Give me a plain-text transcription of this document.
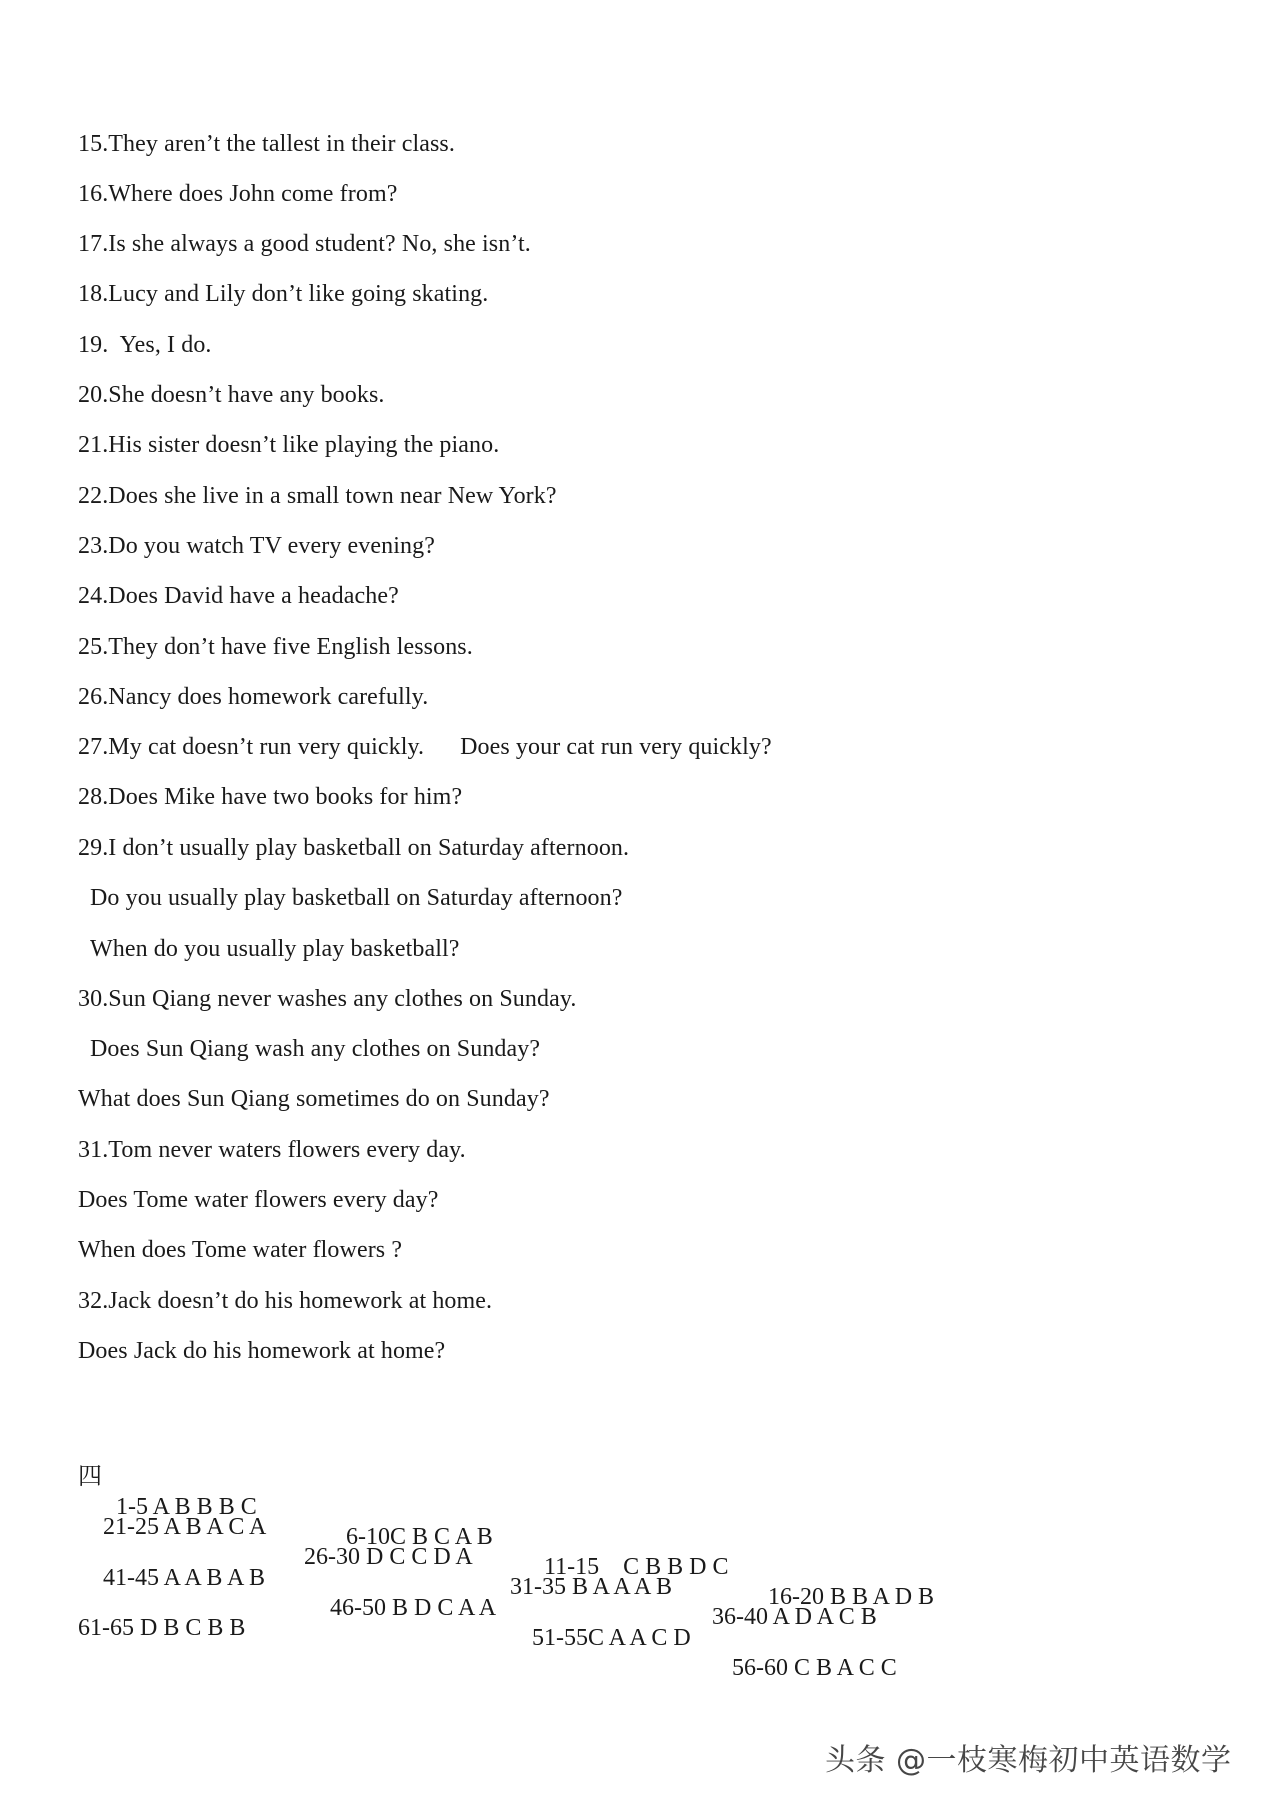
15.They aren’t the tallest in their class.
16.Where does John come from?
17.Is she always a good student? No, she isn’t.
18.Lucy and Lily don’t like going skating.
19.  Yes, I do.
20.She doesn’t have any books.
21.His sister doesn’t like playing the piano.
22.Does she live in a small town near New York?
23.Do you watch TV every evening?
24.Does David have a headache?
25.They don’t have five English lessons.
26.Nancy does homework carefully.
27.My cat doesn’t run very quickly. Does your cat run very quickly?
28.Does Mike have two books for him?
29.I don’t usually play basketball on Saturday afternoon.
Do you usually play basketball on Saturday afternoon?
When do you usually play basketball?
30.Sun Qiang never washes any clothes on Sunday.
Does Sun Qiang wash any clothes on Sunday?
What does Sun Qiang sometimes do on Sunday?
31.Tom never waters flowers every day.
Does Tome water flowers every day?
When does Tome water flowers ?
32.Jack doesn’t do his homework at home.
Does Jack do his homework at home?

四

1-5 A B B B C

6-10C B C A B

11-15    C B B D C

16-20 B B A D B

21-25 A B A C A

26-30 D C C D A

31-35 B A A A B

36-40 A D A C B

41-45 A A B A B

46-50 B D C A A

51-55C A A C D

56-60 C B A C C

61-65 D B C B B

头条 @一枝寒梅初中英语数学
